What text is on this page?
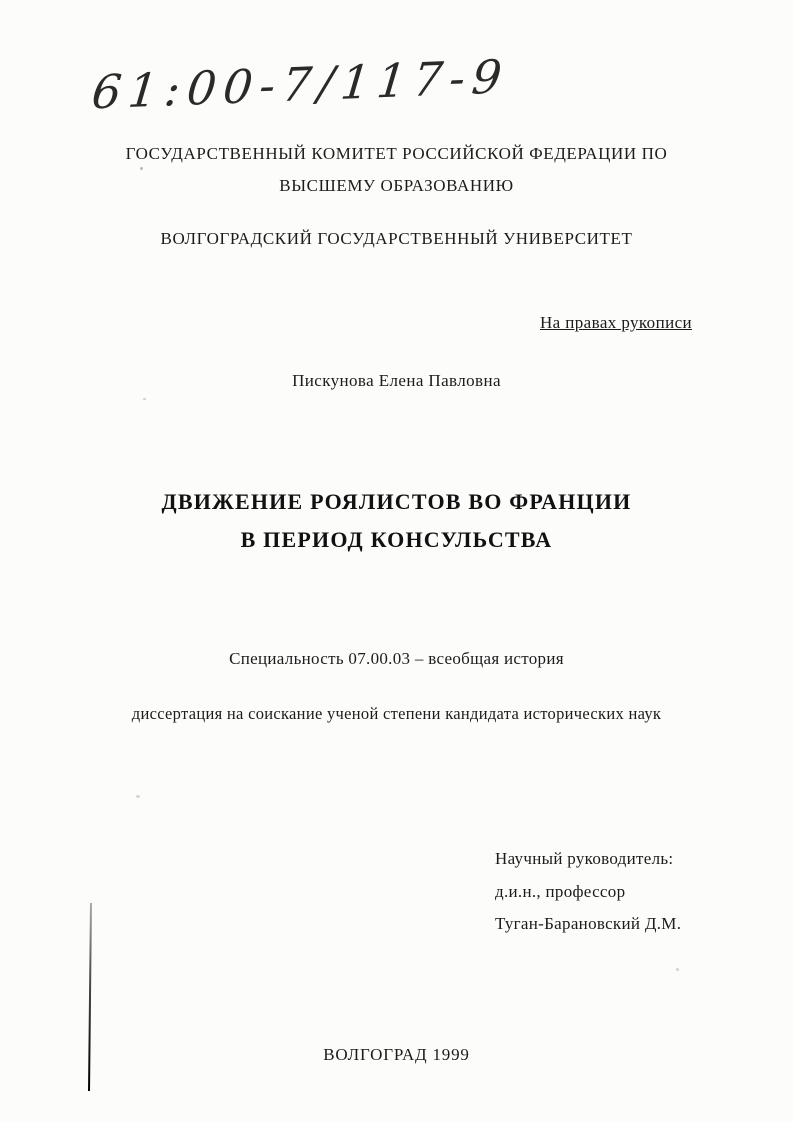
61:00-7/117-9
ГОСУДАРСТВЕННЫЙ КОМИТЕТ РОССИЙСКОЙ ФЕДЕРАЦИИ ПО
ВЫСШЕМУ ОБРАЗОВАНИЮ
ВОЛГОГРАДСКИЙ ГОСУДАРСТВЕННЫЙ УНИВЕРСИТЕТ
На правах рукописи
Пискунова Елена Павловна
ДВИЖЕНИЕ РОЯЛИСТОВ ВО ФРАНЦИИ
В ПЕРИОД КОНСУЛЬСТВА
Специальность 07.00.03 – всеобщая история
диссертация на соискание ученой степени кандидата исторических наук
Научный руководитель:
д.и.н., профессор
Туган-Барановский Д.М.
ВОЛГОГРАД 1999
